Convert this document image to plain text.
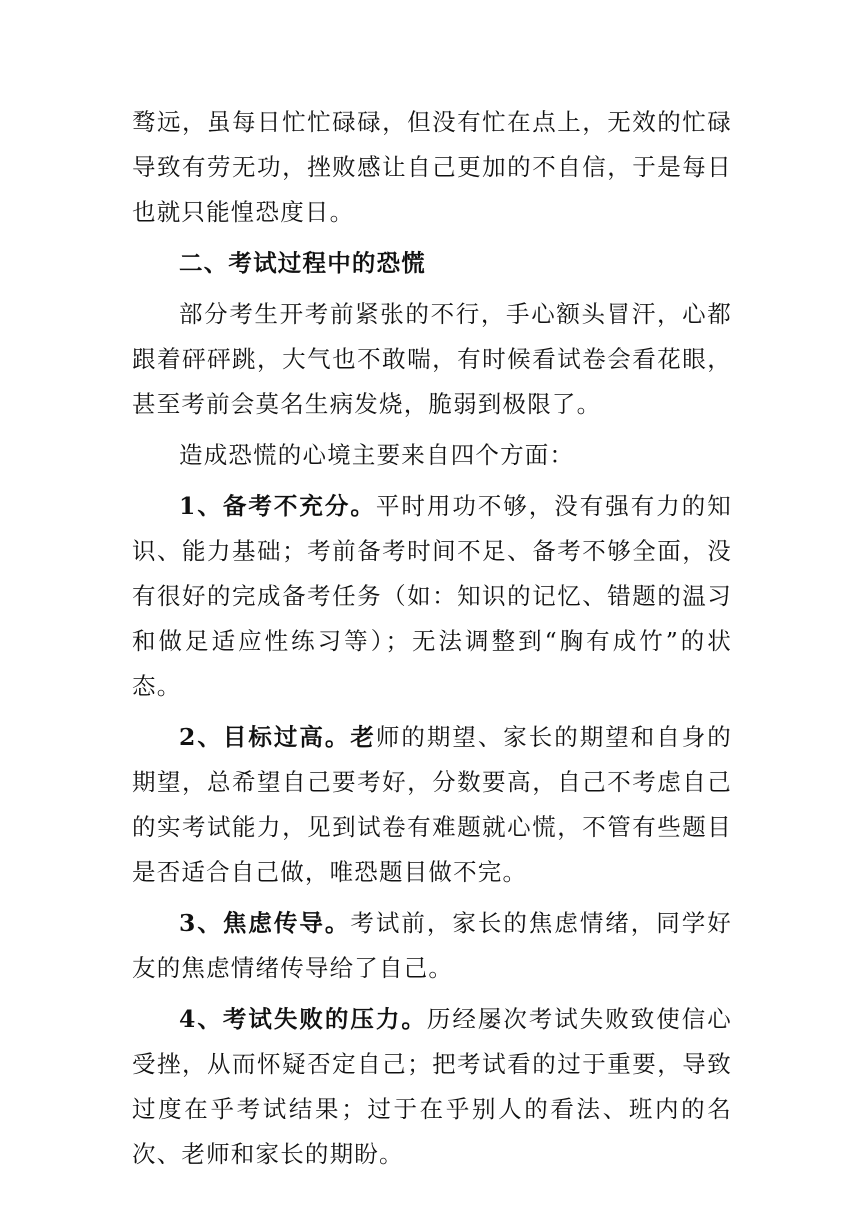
骛远，虽每日忙忙碌碌，但没有忙在点上，无效的忙碌导致有劳无功，挫败感让自己更加的不自信，于是每日也就只能惶恐度日。

二、考试过程中的恐慌

部分考生开考前紧张的不行，手心额头冒汗，心都跟着砰砰跳，大气也不敢喘，有时候看试卷会看花眼，甚至考前会莫名生病发烧，脆弱到极限了。

造成恐慌的心境主要来自四个方面：

1、备考不充分。平时用功不够，没有强有力的知识、能力基础；考前备考时间不足、备考不够全面，没有很好的完成备考任务（如：知识的记忆、错题的温习和做足适应性练习等）；无法调整到“胸有成竹”的状态。

2、目标过高。老师的期望、家长的期望和自身的期望，总希望自己要考好，分数要高，自己不考虑自己的实考试能力，见到试卷有难题就心慌，不管有些题目是否适合自己做，唯恐题目做不完。

3、焦虑传导。考试前，家长的焦虑情绪，同学好友的焦虑情绪传导给了自己。

4、考试失败的压力。历经屡次考试失败致使信心受挫，从而怀疑否定自己；把考试看的过于重要，导致过度在乎考试结果；过于在乎别人的看法、班内的名次、老师和家长的期盼。
